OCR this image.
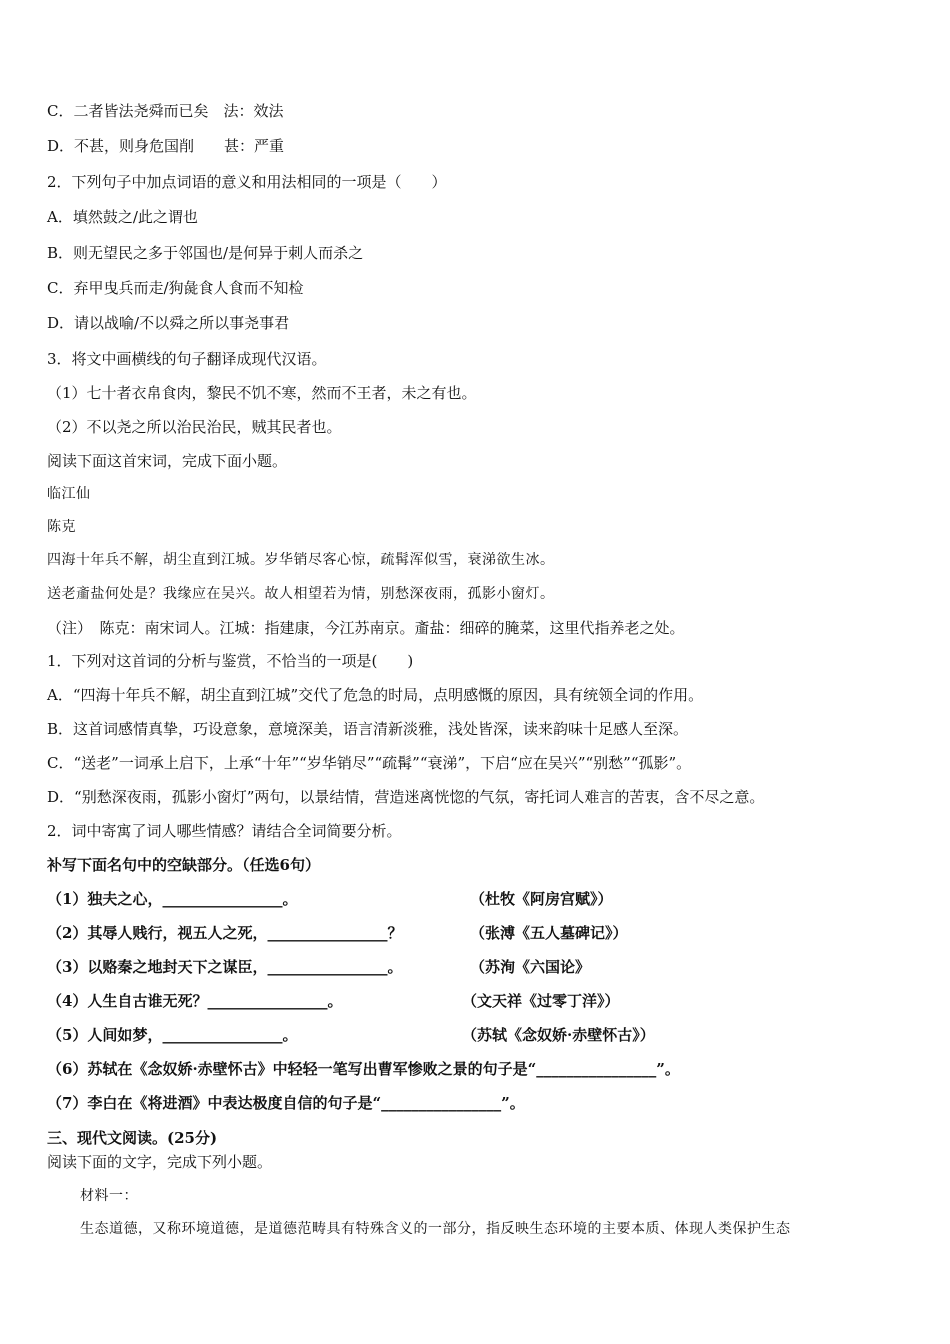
C．二者皆法尧舜而已矣　法：效法
D．不甚，则身危国削　　甚：严重
2．下列句子中加点词语的意义和用法相同的一项是（　　）
A．填然鼓之/此之谓也
B．则无望民之多于邻国也/是何异于刺人而杀之
C．弃甲曳兵而走/狗彘食人食而不知检
D．请以战喻/不以舜之所以事尧事君
3．将文中画横线的句子翻译成现代汉语。
（1）七十者衣帛食肉，黎民不饥不寒，然而不王者，未之有也。
（2）不以尧之所以治民治民，贼其民者也。
阅读下面这首宋词，完成下面小题。
临江仙
陈克
四海十年兵不解，胡尘直到江城。岁华销尽客心惊，疏髯浑似雪，衰涕欲生冰。
送老齑盐何处是？我缘应在吴兴。故人相望若为情，别愁深夜雨，孤影小窗灯。
（注）　陈克：南宋词人。江城：指建康，今江苏南京。齑盐：细碎的腌菜，这里代指养老之处。
1．下列对这首词的分析与鉴赏，不恰当的一项是(　　)
A．“四海十年兵不解，胡尘直到江城”交代了危急的时局，点明感慨的原因，具有统领全词的作用。
B．这首词感情真挚，巧设意象，意境深美，语言清新淡雅，浅处皆深，读来韵味十足感人至深。
C．“送老”一词承上启下，上承“十年”“岁华销尽”“疏髯”“衰涕”，下启“应在吴兴”“别愁”“孤影”。
D．“别愁深夜雨，孤影小窗灯”两句，以景结情，营造迷离恍惚的气氛，寄托词人难言的苦衷，含不尽之意。
2．词中寄寓了词人哪些情感？请结合全词简要分析。
补写下面名句中的空缺部分。（任选6句）
（1）独夫之心，________________。	（杜牧《阿房宫赋》）
（2）其辱人贱行，视五人之死，________________？	（张溥《五人墓碑记》）
（3）以赂秦之地封天下之谋臣，________________。	（苏洵《六国论》
（4）人生自古谁无死？________________。	（文天祥《过零丁洋》）
（5）人间如梦，________________。	（苏轼《念奴娇·赤壁怀古》）
（6）苏轼在《念奴娇·赤壁怀古》中轻轻一笔写出曹军惨败之景的句子是“________________”。
（7）李白在《将进酒》中表达极度自信的句子是“________________”。
三、现代文阅读。(25分)
阅读下面的文字，完成下列小题。
材料一：
生态道德，又称环境道德，是道德范畴具有特殊含义的一部分，指反映生态环境的主要本质、体现人类保护生态
